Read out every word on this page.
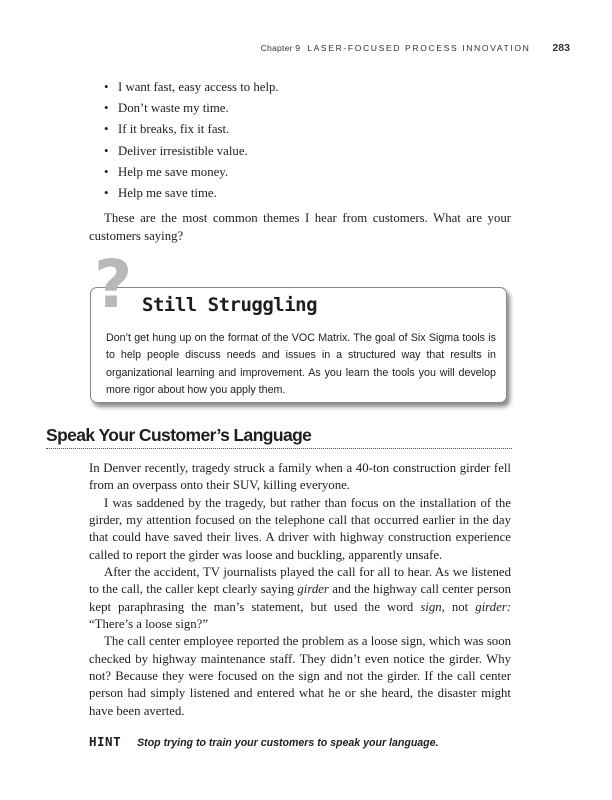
Chapter 9 LASER-FOCUSED PROCESS INNOVATION 283
• I want fast, easy access to help.
• Don’t waste my time.
• If it breaks, fix it fast.
• Deliver irresistible value.
• Help me save money.
• Help me save time.

These are the most common themes I hear from customers. What are your customers saying?

? Still Struggling

Don’t get hung up on the format of the VOC Matrix. The goal of Six Sigma tools is to help people discuss needs and issues in a structured way that results in organizational learning and improvement. As you learn the tools you will develop more rigor about how you apply them.

Speak Your Customer’s Language

In Denver recently, tragedy struck a family when a 40-ton construction girder fell from an overpass onto their SUV, killing everyone.

I was saddened by the tragedy, but rather than focus on the installation of the girder, my attention focused on the telephone call that occurred earlier in the day that could have saved their lives. A driver with highway construction experience called to report the girder was loose and buckling, apparently unsafe.

After the accident, TV journalists played the call for all to hear. As we listened to the call, the caller kept clearly saying girder and the highway call center person kept paraphrasing the man’s statement, but used the word sign, not girder: “There’s a loose sign?”

The call center employee reported the problem as a loose sign, which was soon checked by highway maintenance staff. They didn’t even notice the girder. Why not? Because they were focused on the sign and not the girder. If the call center person had simply listened and entered what he or she heard, the disaster might have been averted.

HINT Stop trying to train your customers to speak your language.
